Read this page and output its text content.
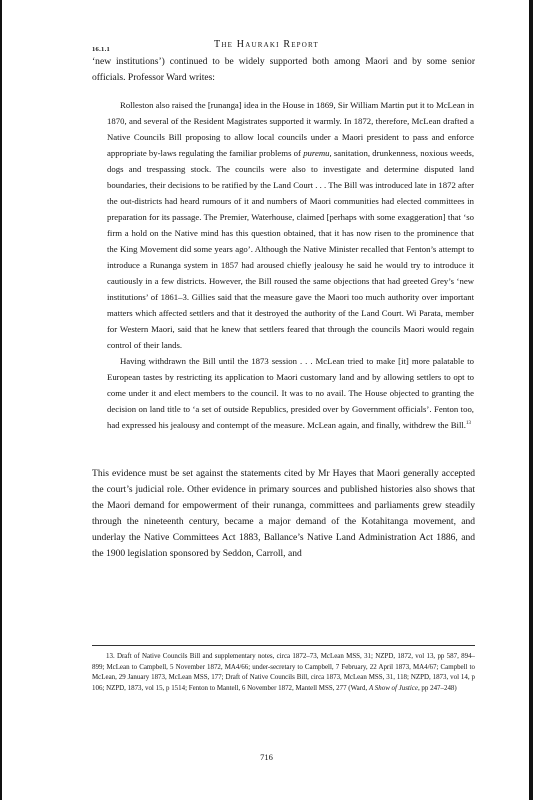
The Hauraki Report
16.1.1

‘new institutions’) continued to be widely supported both among Maori and by some senior officials. Professor Ward writes:

Rolleston also raised the [runanga] idea in the House in 1869, Sir William Martin put it to McLean in 1870, and several of the Resident Magistrates supported it warmly. In 1872, therefore, McLean drafted a Native Councils Bill proposing to allow local councils under a Maori president to pass and enforce appropriate by-laws regulating the familiar problems of puremu, sanitation, drunkenness, noxious weeds, dogs and trespassing stock. The councils were also to investigate and determine disputed land boundaries, their decisions to be ratified by the Land Court . . . The Bill was introduced late in 1872 after the out-districts had heard rumours of it and numbers of Maori communities had elected committees in preparation for its passage. The Premier, Waterhouse, claimed [perhaps with some exaggeration] that ‘so firm a hold on the Native mind has this question obtained, that it has now risen to the prominence that the King Movement did some years ago’. Although the Native Minister recalled that Fenton’s attempt to introduce a Runanga system in 1857 had aroused chiefly jealousy he said he would try to introduce it cautiously in a few districts. However, the Bill roused the same objections that had greeted Grey’s ‘new institutions’ of 1861–3. Gillies said that the measure gave the Maori too much authority over important matters which affected settlers and that it destroyed the authority of the Land Court. Wi Parata, member for Western Maori, said that he knew that settlers feared that through the councils Maori would regain control of their lands.

Having withdrawn the Bill until the 1873 session . . . McLean tried to make [it] more palatable to European tastes by restricting its application to Maori customary land and by allowing settlers to opt to come under it and elect members to the council. It was to no avail. The House objected to granting the decision on land title to ‘a set of outside Republics, presided over by Government officials’. Fenton too, had expressed his jealousy and contempt of the measure. McLean again, and finally, withdrew the Bill.$^{13}$

This evidence must be set against the statements cited by Mr Hayes that Maori generally accepted the court’s judicial role. Other evidence in primary sources and published histories also shows that the Maori demand for empowerment of their runanga, committees and parliaments grew steadily through the nineteenth century, became a major demand of the Kotahitanga movement, and underlay the Native Committees Act 1883, Ballance’s Native Land Administration Act 1886, and the 1900 legislation sponsored by Seddon, Carroll, and

13. Draft of Native Councils Bill and supplementary notes, circa 1872–73, McLean MSS, 31; NZPD, 1872, vol 13, pp 587, 894–899; McLean to Campbell, 5 November 1872, MA4/66; under-secretary to Campbell, 7 February, 22 April 1873, MA4/67; Campbell to McLean, 29 January 1873, McLean MSS, 177; Draft of Native Councils Bill, circa 1873, McLean MSS, 31, 118; NZPD, 1873, vol 14, p 106; NZPD, 1873, vol 15, p 1514; Fenton to Mantell, 6 November 1872, Mantell MSS, 277 (Ward, A Show of Justice, pp 247–248)
716
